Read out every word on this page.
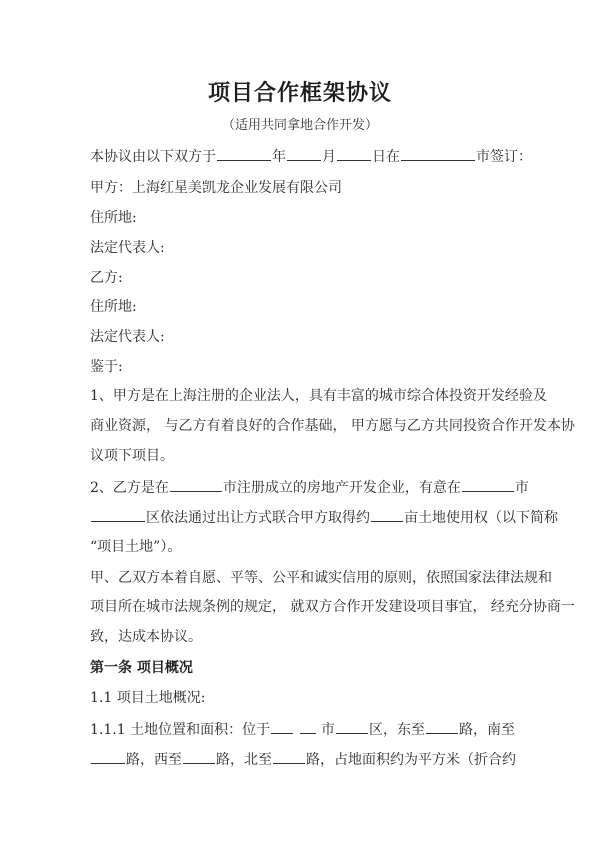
项目合作框架协议
（适用共同拿地合作开发）
本协议由以下双方于	年	月	日在	市签订：
甲方：上海红星美凯龙企业发展有限公司
住所地:
法定代表人:
乙方:
住所地:
法定代表人:
鉴于:
1、甲方是在上海注册的企业法人，具有丰富的城市综合体投资开发经验及
商业资源， 与乙方有着良好的合作基础， 甲方愿与乙方共同投资合作开发本协
议项下项目。
2、乙方是在	市注册成立的房地产开发企业，有意在	市
区依法通过出让方式联合甲方取得约 亩土地使用权（以下简称
“项目土地”）。
甲、乙双方本着自愿、平等、公平和诚实信用的原则，依照国家法律法规和
项目所在城市法规条例的规定， 就双方合作开发建设项目事宜， 经充分协商一
致，达成本协议。
第一条 项目概况
1.1 项目土地概况:
1.1.1 土地位置和面积：位于	市 区，东至 路，南至
路，西至 路，北至 路，占地面积约为平方米（折合约
